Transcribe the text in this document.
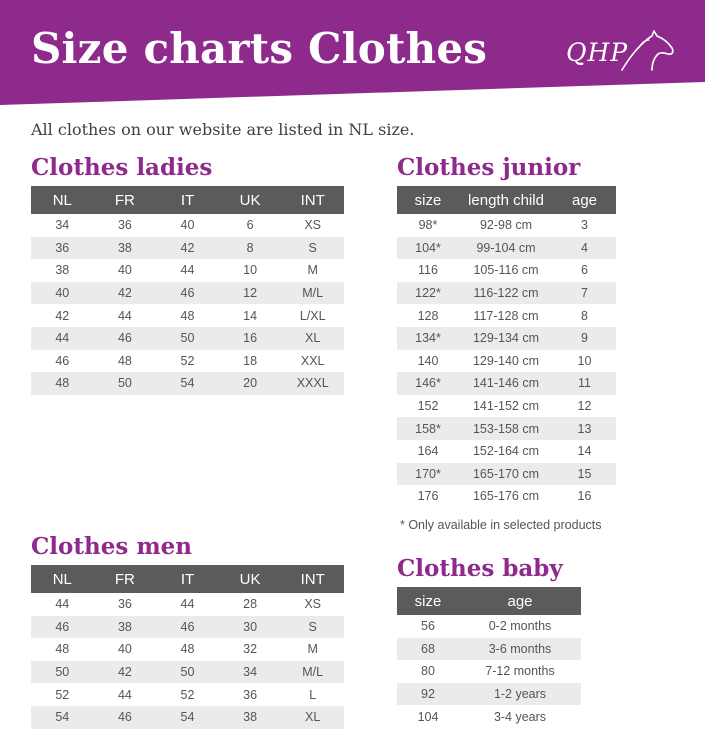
Size charts Clothes	QHP

All clothes on our website are listed in NL size.

Clothes ladies
NL	FR	IT	UK	INT
34	36	40	6	XS
36	38	42	8	S
38	40	44	10	M
40	42	46	12	M/L
42	44	48	14	L/XL
44	46	50	16	XL
46	48	52	18	XXL
48	50	54	20	XXXL
Clothes junior
size	length child	age
98*	92-98 cm	3
104*	99-104 cm	4
116	105-116 cm	6
122*	116-122 cm	7
128	117-128 cm	8
134*	129-134 cm	9
140	129-140 cm	10
146*	141-146 cm	11
152	141-152 cm	12
158*	153-158 cm	13
164	152-164 cm	14
170*	165-170 cm	15
176	165-176 cm	16

* Only available in selected products

Clothes men
NL	FR	IT	UK	INT
44	36	44	28	XS
46	38	46	30	S
48	40	48	32	M
50	42	50	34	M/L
52	44	52	36	L
54	46	54	38	XL
Clothes baby
size	age
56	0-2 months
68	3-6 months
80	7-12 months
92	1-2 years
104	3-4 years
